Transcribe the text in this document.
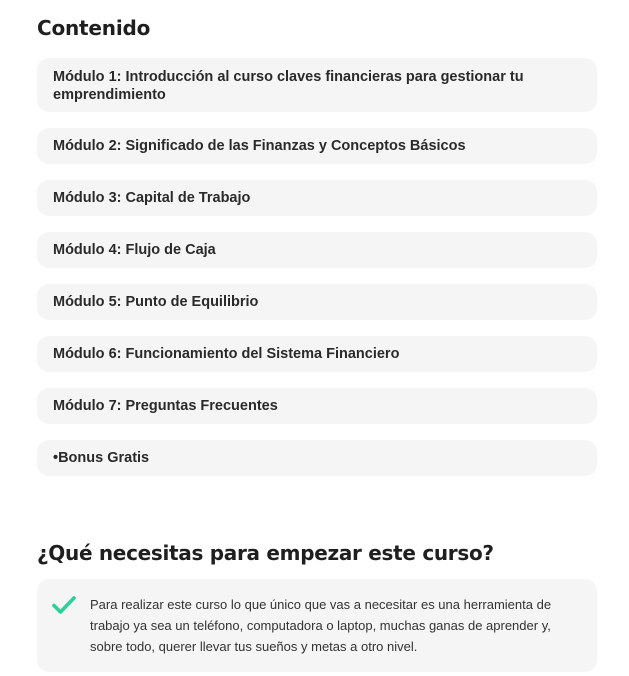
Contenido
Módulo 1: Introducción al curso claves financieras para gestionar tu emprendimiento
Módulo 2: Significado de las Finanzas y Conceptos Básicos
Módulo 3: Capital de Trabajo
Módulo 4: Flujo de Caja
Módulo 5: Punto de Equilibrio
Módulo 6: Funcionamiento del Sistema Financiero
Módulo 7: Preguntas Frecuentes
•Bonus Gratis
¿Qué necesitas para empezar este curso?
Para realizar este curso lo que único que vas a necesitar es una herramienta de trabajo ya sea un teléfono, computadora o laptop, muchas ganas de aprender y, sobre todo, querer llevar tus sueños y metas a otro nivel.
